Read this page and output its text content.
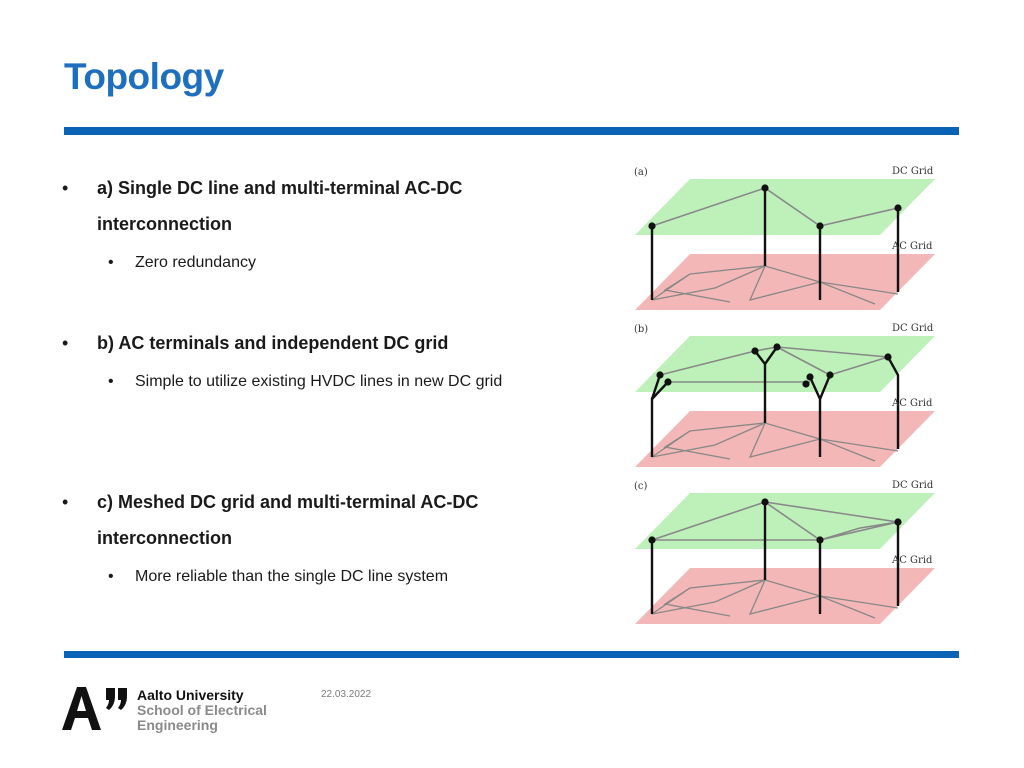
Topology
• a) Single DC line and multi-terminal AC-DC
interconnection
• Zero redundancy
• b) AC terminals and independent DC grid
• Simple to utilize existing HVDC lines in new DC grid
• c) Meshed DC grid and multi-terminal AC-DC
interconnection
• More reliable than the single DC line system
(a)	DC Grid
AC Grid
(b)	DC Grid
AC Grid
(c)	DC Grid
AC Grid
Aalto University
School of Electrical
Engineering
22.03.2022
